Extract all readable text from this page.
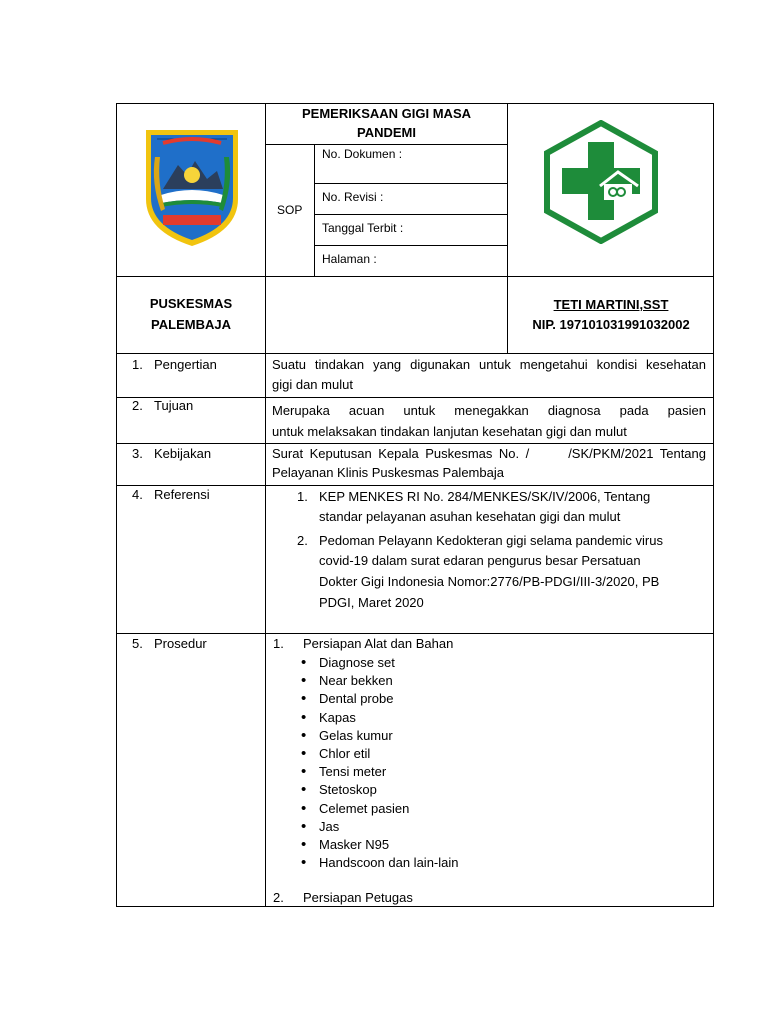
PEMERIKSAAN GIGI MASA
PANDEMI
SOP
No. Dokumen :
No. Revisi :
Tanggal Terbit :
Halaman :
PUSKESMAS
PALEMBAJA
TETI MARTINI,SST
NIP. 197101031991032002
1. Pengertian	Suatu tindakan yang digunakan untuk mengetahui kondisi kesehatan
gigi dan mulut
2. Tujuan	Merupaka acuan untuk menegakkan diagnosa pada pasien
untuk melaksakan tindakan lanjutan kesehatan gigi dan mulut
3. Kebijakan	Surat Keputusan Kepala Puskesmas No. /      /SK/PKM/2021 Tentang
Pelayanan Klinis Puskesmas Palembaja
4. Referensi	1. KEP MENKES RI No. 284/MENKES/SK/IV/2006, Tentang
standar pelayanan asuhan kesehatan gigi dan mulut
2. Pedoman Pelayann Kedokteran gigi selama pandemic virus
covid-19 dalam surat edaran pengurus besar Persatuan
Dokter Gigi Indonesia Nomor:2776/PB-PDGI/III-3/2020, PB
PDGI, Maret 2020
5. Prosedur	1. Persiapan Alat dan Bahan
• Diagnose set
• Near bekken
• Dental probe
• Kapas
• Gelas kumur
• Chlor etil
• Tensi meter
• Stetoskop
• Celemet pasien
• Jas
• Masker N95
• Handscoon dan lain-lain
2. Persiapan Petugas
